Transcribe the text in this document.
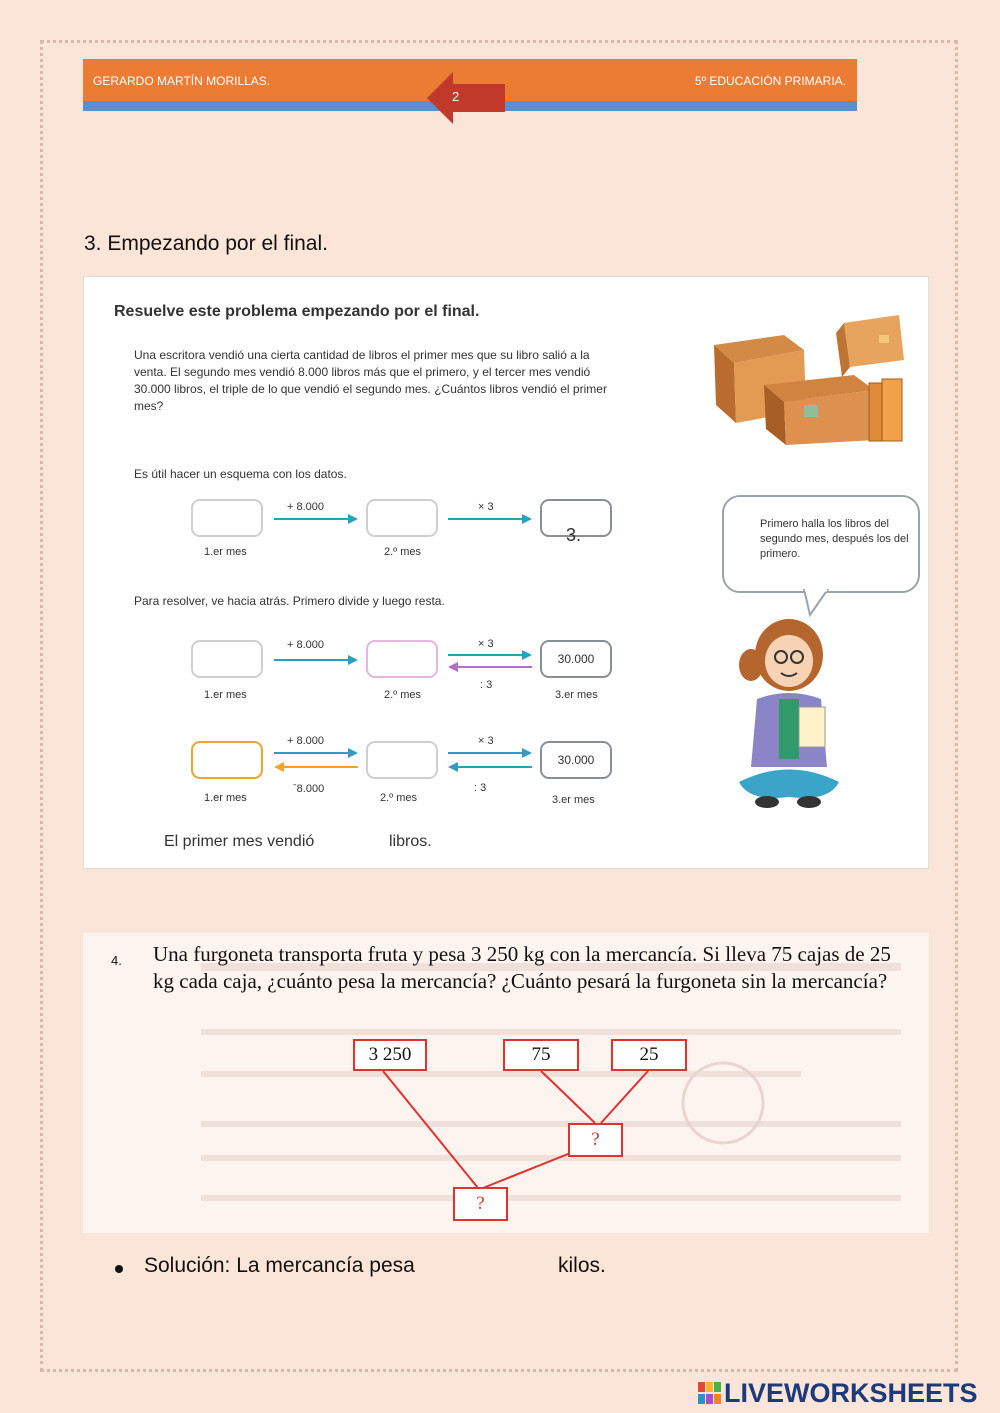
GERARDO MARTÍN MORILLAS.	5º EDUCACIÓN PRIMARIA.
2
3. Empezando por el final.
Resuelve este problema empezando por el final.
Una escritora vendió una cierta cantidad de libros el primer mes que su libro salió a la venta. El segundo mes vendió 8.000 libros más que el primero, y el tercer mes vendió 30.000 libros, el triple de lo que vendió el segundo mes. ¿Cuántos libros vendió el primer mes?
Es útil hacer un esquema con los datos.
3.
+ 8.000	× 3
1.er mes	2.º mes
Para resolver, ve hacia atrás. Primero divide y luego resta.
30.000
+ 8.000	× 3
: 3
1.er mes	2.º mes	3.er mes
30.000
+ 8.000
ˉ8.000
× 3
: 3
1.er mes	2.º mes	3.er mes
Primero halla los libros del segundo mes, después los del primero.
El primer mes vendió	libros.
4. Una furgoneta transporta fruta y pesa 3 250 kg con la mercancía. Si lleva 75 cajas de 25 kg cada caja, ¿cuánto pesa la mercancía? ¿Cuánto pesará la furgoneta sin la mercancía?
3 250	75	25
?
?
Solución: La mercancía pesa	kilos.
LIVEWORKSHEETS
